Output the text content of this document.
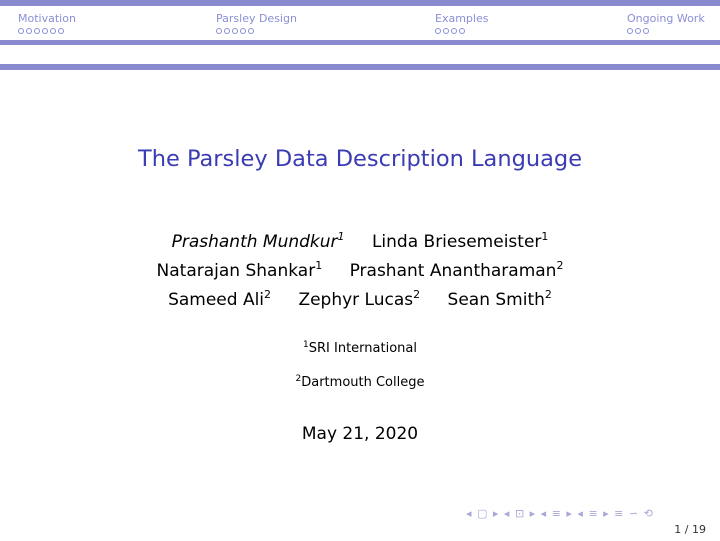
Motivation	Parsley Design	Examples	Ongoing Work
The Parsley Data Description Language
Prashanth Mundkur$^1$ Linda Briesemeister$^1$
Natarajan Shankar$^1$ Prashant Anantharaman$^2$
Sameed Ali$^2$ Zephyr Lucas$^2$ Sean Smith$^2$
$^1$SRI International
$^2$Dartmouth College
May 21, 2020
◂ ▢ ▸ ◂ ⊡ ▸ ◂ ≡ ▸ ◂ ≡ ▸ ≡ ∽ ⟲
1 / 19
